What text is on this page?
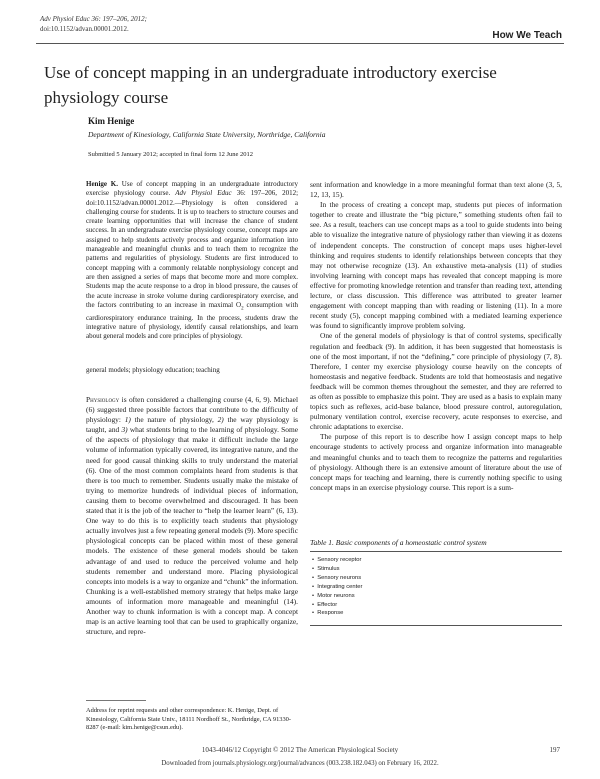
Adv Physiol Educ 36: 197–206, 2012;
doi:10.1152/advan.00001.2012.
How We Teach
Use of concept mapping in an undergraduate introductory exercise physiology course
Kim Henige
Department of Kinesiology, California State University, Northridge, California
Submitted 5 January 2012; accepted in final form 12 June 2012
Henige K. Use of concept mapping in an undergraduate introductory exercise physiology course. Adv Physiol Educ 36: 197–206, 2012; doi:10.1152/advan.00001.2012.—Physiology is often considered a challenging course for students. It is up to teachers to structure courses and create learning opportunities that will increase the chance of student success. In an undergraduate exercise physiology course, concept maps are assigned to help students actively process and organize information into manageable and meaningful chunks and to teach them to recognize the patterns and regularities of physiology. Students are first introduced to concept mapping with a commonly relatable nonphysiology concept and are then assigned a series of maps that become more and more complex. Students map the acute response to a drop in blood pressure, the causes of the acute increase in stroke volume during cardiorespiratory exercise, and the factors contributing to an increase in maximal $O_2$ consumption with cardiorespiratory endurance training. In the process, students draw the integrative nature of physiology, identify causal relationships, and learn about general models and core principles of physiology.
general models; physiology education; teaching

Physiology is often considered a challenging course (4, 6, 9). Michael (6) suggested three possible factors that contribute to the difficulty of physiology: 1) the nature of physiology, 2) the way physiology is taught, and 3) what students bring to the learning of physiology. Some of the aspects of physiology that make it difficult include the large volume of information typically covered, its integrative nature, and the need for good causal thinking skills to truly understand the material (6). One of the most common complaints heard from students is that there is too much to remember. Students usually make the mistake of trying to memorize hundreds of individual pieces of information, causing them to become overwhelmed and discouraged. It has been stated that it is the job of the teacher to “help the learner learn” (6, 13). One way to do this is to explicitly teach students that physiology actually involves just a few repeating general models (9). More specific physiological concepts can be placed within most of these general models. The existence of these general models should be taken advantage of and used to reduce the perceived volume and help students remember and understand more. Placing physiological concepts into models is a way to organize and “chunk” the information. Chunking is a well-established memory strategy that helps make large amounts of information more manageable and meaningful (14). Another way to chunk information is with a concept map. A concept map is an active learning tool that can be used to graphically organize, structure, and repre-

sent information and knowledge in a more meaningful format than text alone (3, 5, 12, 13, 15).

In the process of creating a concept map, students put pieces of information together to create and illustrate the “big picture,” something students often fail to see. As a result, teachers can use concept maps as a tool to guide students into being able to visualize the integrative nature of physiology rather than viewing it as dozens of independent concepts. The construction of concept maps uses higher-level thinking and requires students to identify relationships between concepts that they may not otherwise recognize (13). An exhaustive meta-analysis (11) of studies involving learning with concept maps has revealed that concept mapping is more effective for promoting knowledge retention and transfer than reading text, attending lecture, or class discussion. This difference was attributed to greater learner engagement with concept mapping than with reading or listening (11). In a more recent study (5), concept mapping combined with a mediated learning experience was found to significantly improve problem solving.

One of the general models of physiology is that of control systems, specifically regulation and feedback (9). In addition, it has been suggested that homeostasis is one of the most important, if not the “defining,” core principle of physiology (7, 8). Therefore, I center my exercise physiology course heavily on the concepts of homeostasis and negative feedback. Students are told that homeostasis and negative feedback will be common themes throughout the semester, and they are referred to as often as possible to emphasize this point. They are used as a basis to explain many topics such as reflexes, acid-base balance, blood pressure control, autoregulation, pulmonary ventilation control, exercise recovery, acute responses to exercise, and chronic adaptations to exercise.

The purpose of this report is to describe how I assign concept maps to help encourage students to actively process and organize information into manageable and meaningful chunks and to teach them to recognize the patterns and regularities of physiology. Although there is an extensive amount of literature about the use of concept maps for teaching and learning, there is currently nothing specific to using concept maps in an exercise physiology course. This report is a sum-

Table 1. Basic components of a homeostatic control system
•  Sensory receptor
•  Stimulus
•  Sensory neurons
•  Integrating center
•  Motor neurons
•  Effector
•  Response
Address for reprint requests and other correspondence: K. Henige, Dept. of Kinesiology, California State Univ., 18111 Nordhoff St., Northridge, CA 91330-8287 (e-mail: kim.henige@csun.edu).
1043-4046/12 Copyright © 2012 The American Physiological Society	197
Downloaded from journals.physiology.org/journal/advances (003.238.182.043) on February 16, 2022.
